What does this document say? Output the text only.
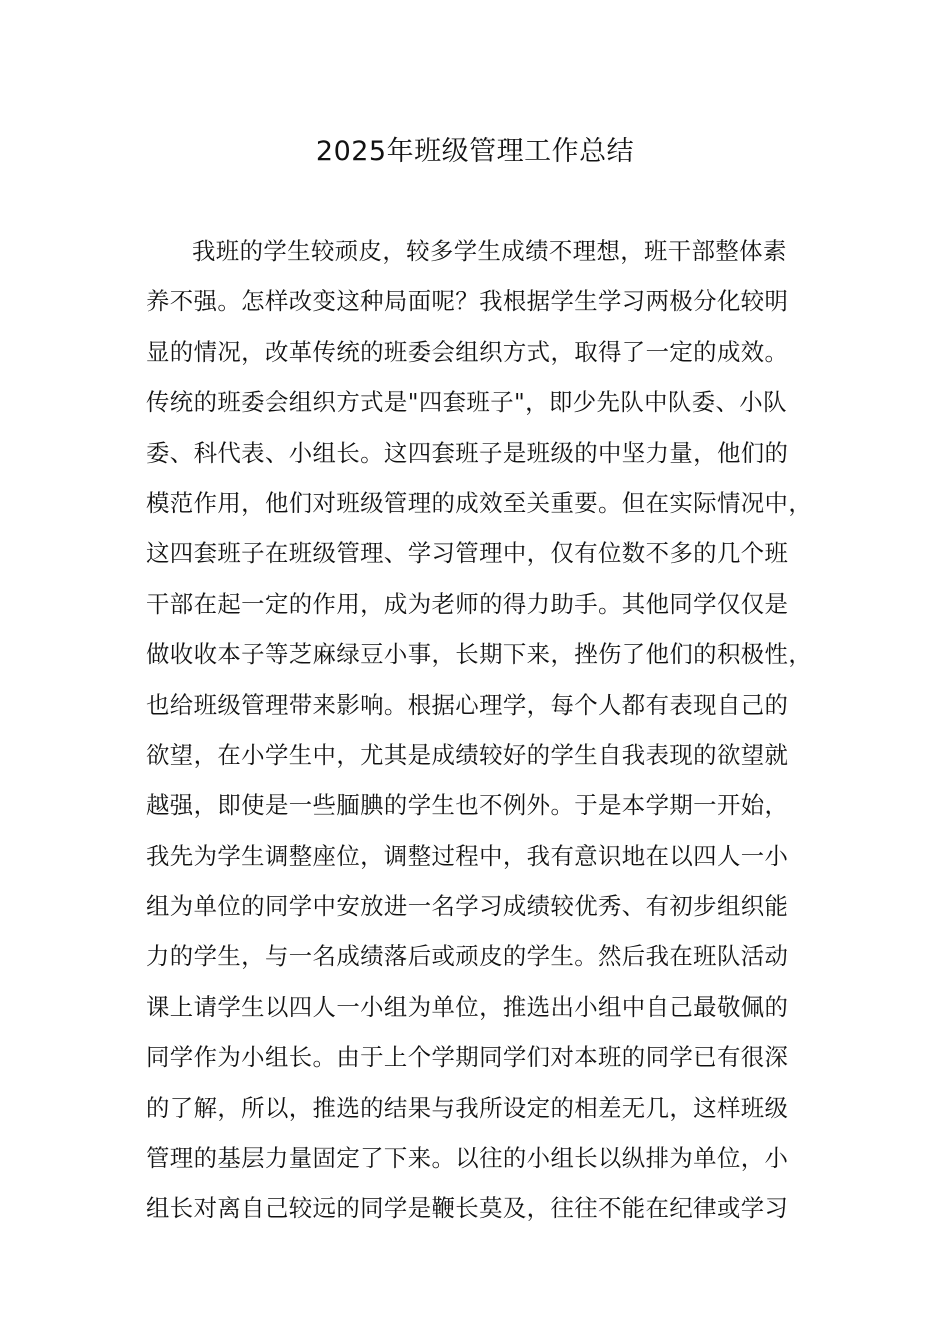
2025年班级管理工作总结
我班的学生较顽皮，较多学生成绩不理想，班干部整体素
养不强。怎样改变这种局面呢？我根据学生学习两极分化较明
显的情况，改革传统的班委会组织方式，取得了一定的成效。
传统的班委会组织方式是"四套班子"，即少先队中队委、小队
委、科代表、小组长。这四套班子是班级的中坚力量，他们的
模范作用，他们对班级管理的成效至关重要。但在实际情况中，
这四套班子在班级管理、学习管理中，仅有位数不多的几个班
干部在起一定的作用，成为老师的得力助手。其他同学仅仅是
做收收本子等芝麻绿豆小事，长期下来，挫伤了他们的积极性，
也给班级管理带来影响。根据心理学，每个人都有表现自己的
欲望，在小学生中，尤其是成绩较好的学生自我表现的欲望就
越强，即使是一些腼腆的学生也不例外。于是本学期一开始，
我先为学生调整座位，调整过程中，我有意识地在以四人一小
组为单位的同学中安放进一名学习成绩较优秀、有初步组织能
力的学生，与一名成绩落后或顽皮的学生。然后我在班队活动
课上请学生以四人一小组为单位，推选出小组中自己最敬佩的
同学作为小组长。由于上个学期同学们对本班的同学已有很深
的了解，所以，推选的结果与我所设定的相差无几，这样班级
管理的基层力量固定了下来。以往的小组长以纵排为单位，小
组长对离自己较远的同学是鞭长莫及，往往不能在纪律或学习
